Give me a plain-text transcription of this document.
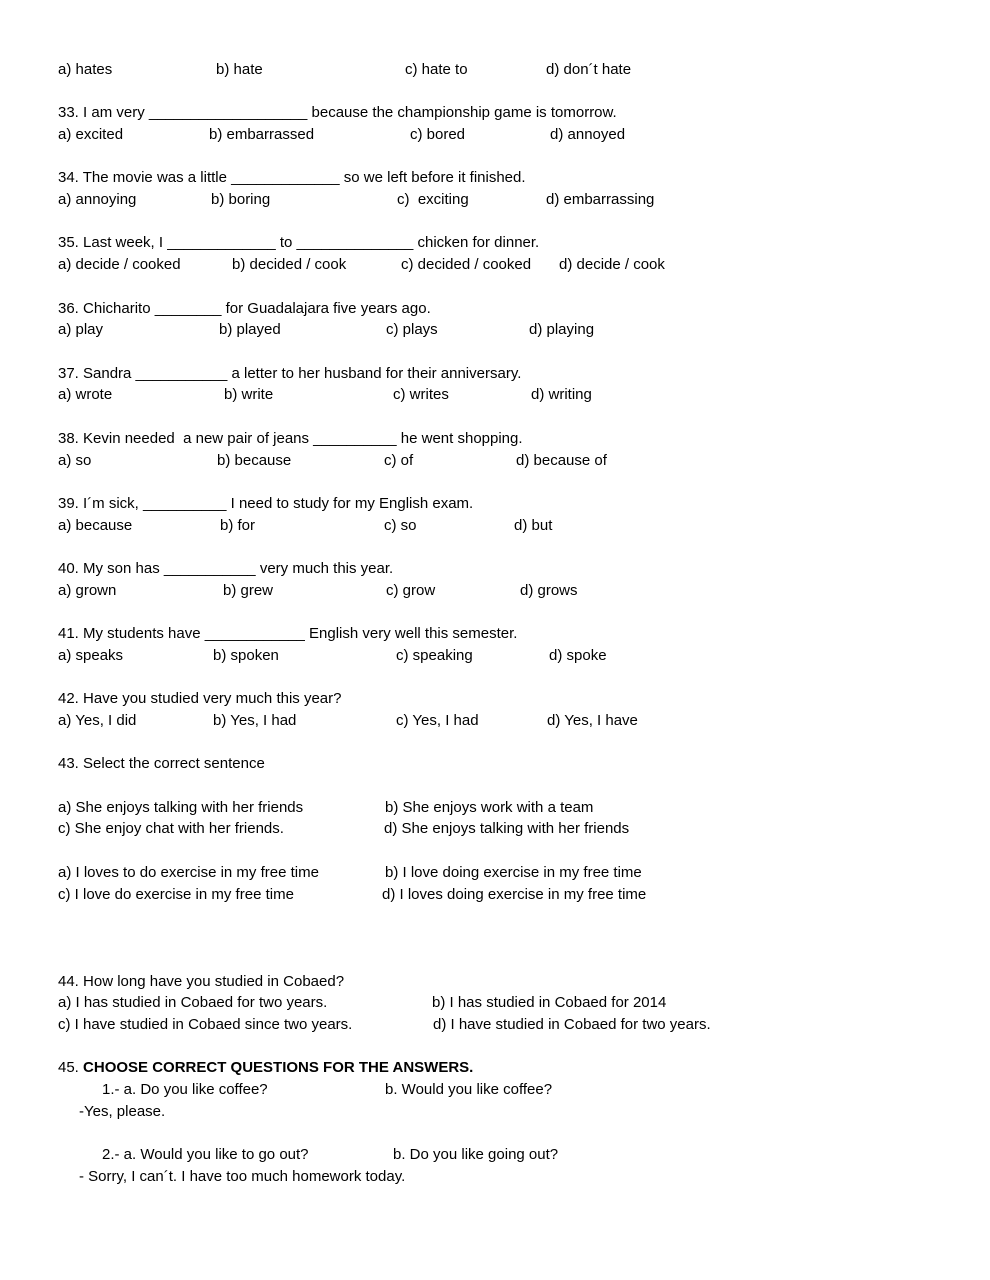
a) hates	b) hate	c) hate to	d) don´t hate
33. I am very ___________________ because the championship game is tomorrow.
a) excited	b) embarrassed	c) bored	d) annoyed
34. The movie was a little _____________ so we left before it finished.
a) annoying	b) boring	c)  exciting	d) embarrassing
35. Last week, I _____________ to ______________ chicken for dinner.
a) decide / cooked	b) decided / cook	c) decided / cooked d) decide / cook
36. Chicharito ________ for Guadalajara five years ago.
a) play	b) played	c) plays	d) playing
37. Sandra ___________ a letter to her husband for their anniversary.
a) wrote	b) write	c) writes	d) writing
38. Kevin needed  a new pair of jeans __________ he went shopping.
a) so	b) because	c) of	d) because of
39. I´m sick, __________ I need to study for my English exam.
a) because	b) for	c) so	d) but
40. My son has ___________ very much this year.
a) grown	b) grew	c) grow	d) grows
41. My students have ____________ English very well this semester.
a) speaks	b) spoken	c) speaking	d) spoke
42. Have you studied very much this year?
a) Yes, I did	b) Yes, I had	c) Yes, I had	d) Yes, I have
43. Select the correct sentence
a) She enjoys talking with her friends	b) She enjoys work with a team
c) She enjoy chat with her friends.	d) She enjoys talking with her friends
a) I loves to do exercise in my free time	b) I love doing exercise in my free time
c) I love do exercise in my free time	d) I loves doing exercise in my free time
44. How long have you studied in Cobaed?
a) I has studied in Cobaed for two years.	b) I has studied in Cobaed for 2014
c) I have studied in Cobaed since two years.	d) I have studied in Cobaed for two years.
45. CHOOSE CORRECT QUESTIONS FOR THE ANSWERS.
1.- a. Do you like coffee?	b. Would you like coffee?
-Yes, please.
2.- a. Would you like to go out?	b. Do you like going out?
- Sorry, I can´t. I have too much homework today.
